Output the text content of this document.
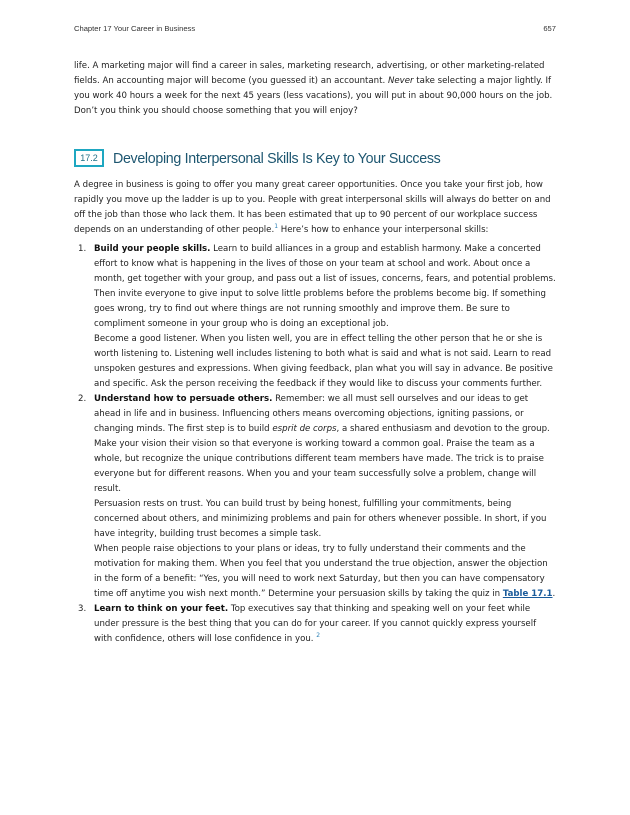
Chapter 17 Your Career in Business	657

life. A marketing major will find a career in sales, marketing research, advertising, or other marketing-related fields. An accounting major will become (you guessed it) an accountant. Never take selecting a major lightly. If you work 40 hours a week for the next 45 years (less vacations), you will put in about 90,000 hours on the job. Don’t you think you should choose something that you will enjoy?

17.2	Developing Interpersonal Skills Is Key to Your Success

A degree in business is going to offer you many great career opportunities. Once you take your first job, how rapidly you move up the ladder is up to you. People with great interpersonal skills will always do better on and off the job than those who lack them. It has been estimated that up to 90 percent of our workplace success depends on an understanding of other people.$^1$ Here’s how to enhance your interpersonal skills:

1. Build your people skills. Learn to build alliances in a group and establish harmony. Make a concerted effort to know what is happening in the lives of those on your team at school and work. About once a month, get together with your group, and pass out a list of issues, concerns, fears, and potential problems. Then invite everyone to give input to solve little problems before the problems become big. If something goes wrong, try to find out where things are not running smoothly and improve them. Be sure to compliment someone in your group who is doing an exceptional job.

Become a good listener. When you listen well, you are in effect telling the other person that he or she is worth listening to. Listening well includes listening to both what is said and what is not said. Learn to read unspoken gestures and expressions. When giving feedback, plan what you will say in advance. Be positive and specific. Ask the person receiving the feedback if they would like to discuss your comments further.

2. Understand how to persuade others. Remember: we all must sell ourselves and our ideas to get ahead in life and in business. Influencing others means overcoming objections, igniting passions, or changing minds. The first step is to build esprit de corps, a shared enthusiasm and devotion to the group. Make your vision their vision so that everyone is working toward a common goal. Praise the team as a whole, but recognize the unique contributions different team members have made. The trick is to praise everyone but for different reasons. When you and your team successfully solve a problem, change will result.

Persuasion rests on trust. You can build trust by being honest, fulfilling your commitments, being concerned about others, and minimizing problems and pain for others whenever possible. In short, if you have integrity, building trust becomes a simple task.

When people raise objections to your plans or ideas, try to fully understand their comments and the motivation for making them. When you feel that you understand the true objection, answer the objection in the form of a benefit: “Yes, you will need to work next Saturday, but then you can have compensatory time off anytime you wish next month.” Determine your persuasion skills by taking the quiz in Table 17.1.

3. Learn to think on your feet. Top executives say that thinking and speaking well on your feet while under pressure is the best thing that you can do for your career. If you cannot quickly express yourself with confidence, others will lose confidence in you. $^2$
